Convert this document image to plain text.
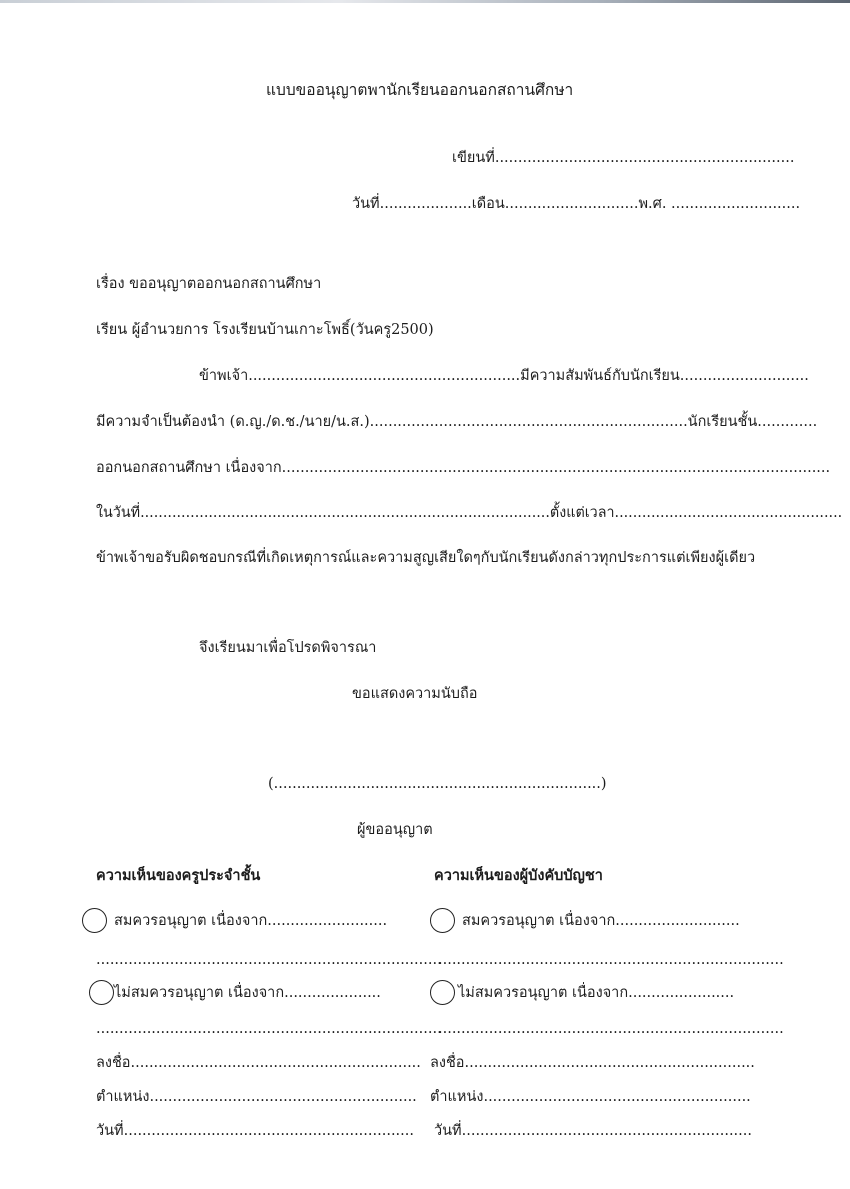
แบบขออนุญาตพานักเรียนออกนอกสถานศึกษา
เขียนที่.................................................................
วันที่....................เดือน.............................พ.ศ. ............................
เรื่อง ขออนุญาตออกนอกสถานศึกษา
เรียน ผู้อำนวยการ โรงเรียนบ้านเกาะโพธิ์(วันครู2500)
ข้าพเจ้า...........................................................มีความสัมพันธ์กับนักเรียน............................
มีความจำเป็นต้องนำ (ด.ญ./ด.ช./นาย/น.ส.).....................................................................นักเรียนชั้น.............
ออกนอกสถานศึกษา เนื่องจาก.......................................................................................................................
ในวันที่..........................................................................................ตั้งแต่เวลา..................................................
ข้าพเจ้าขอรับผิดชอบกรณีที่เกิดเหตุการณ์และความสูญเสียใดๆกับนักเรียนดังกล่าวทุกประการแต่เพียงผู้เดียว
จึงเรียนมาเพื่อโปรดพิจารณา
ขอแสดงความนับถือ
(.......................................................................)
ผู้ขออนุญาต
ความเห็นของครูประจำชั้น
สมควรอนุญาต เนื่องจาก..........................
...........................................................................
ไม่สมควรอนุญาต เนื่องจาก.....................
...........................................................................
ลงชื่อ...............................................................
ตำแหน่ง..........................................................
วันที่...............................................................
ความเห็นของผู้บังคับบัญชา
สมควรอนุญาต เนื่องจาก...........................
...........................................................................
ไม่สมควรอนุญาต เนื่องจาก.......................
...........................................................................
ลงชื่อ...............................................................
ตำแหน่ง..........................................................
วันที่...............................................................
